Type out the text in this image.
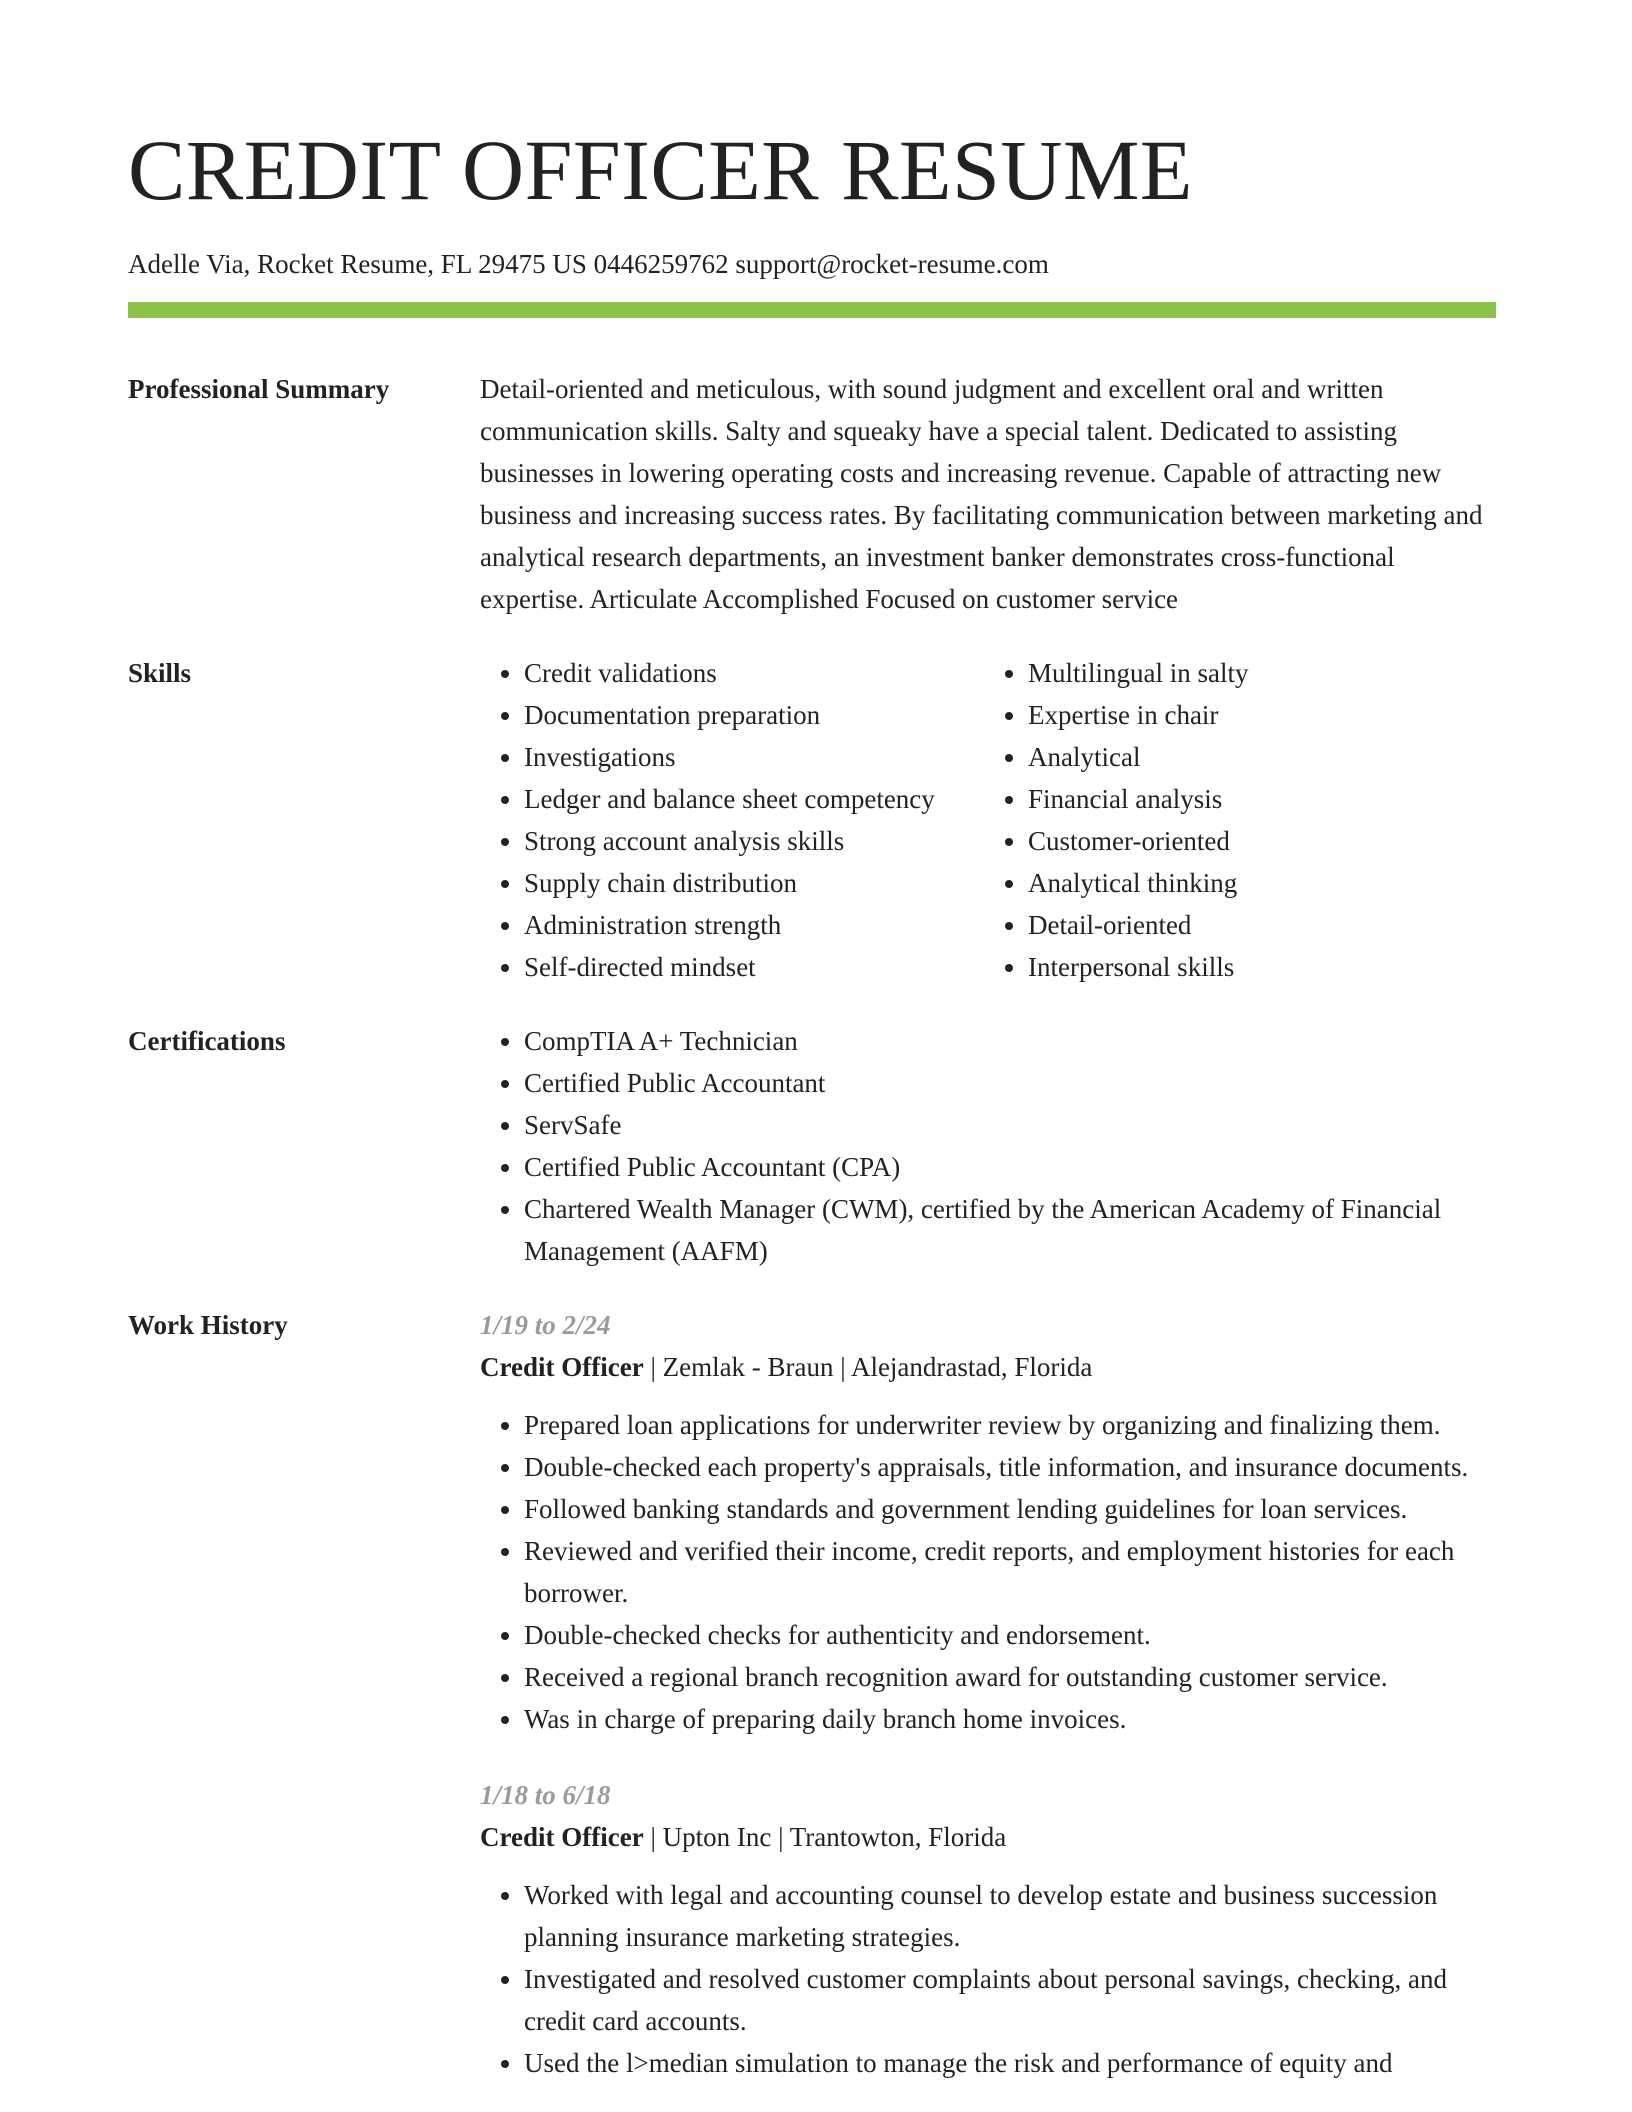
CREDIT OFFICER RESUME
Adelle Via, Rocket Resume, FL 29475 US 0446259762 support@rocket-resume.com
Professional Summary	Detail-oriented and meticulous, with sound judgment and excellent oral and written communication skills. Salty and squeaky have a special talent. Dedicated to assisting businesses in lowering operating costs and increasing revenue. Capable of attracting new business and increasing success rates. By facilitating communication between marketing and analytical research departments, an investment banker demonstrates cross-functional expertise. Articulate Accomplished Focused on customer service

Skills	• Credit validations
• Documentation preparation
• Investigations
• Ledger and balance sheet competency
• Strong account analysis skills
• Supply chain distribution
• Administration strength
• Self-directed mindset
• Multilingual in salty
• Expertise in chair
• Analytical
• Financial analysis
• Customer-oriented
• Analytical thinking
• Detail-oriented
• Interpersonal skills
Certifications	• CompTIA A+ Technician
• Certified Public Accountant
• ServSafe
• Certified Public Accountant (CPA)
• Chartered Wealth Manager (CWM), certified by the American Academy of Financial Management (AAFM)
Work History	1/19 to 2/24
Credit Officer | Zemlak - Braun | Alejandrastad, Florida
• Prepared loan applications for underwriter review by organizing and finalizing them.
• Double-checked each property's appraisals, title information, and insurance documents.
• Followed banking standards and government lending guidelines for loan services.
• Reviewed and verified their income, credit reports, and employment histories for each borrower.
• Double-checked checks for authenticity and endorsement.
• Received a regional branch recognition award for outstanding customer service.
• Was in charge of preparing daily branch home invoices.
1/18 to 6/18
Credit Officer | Upton Inc | Trantowton, Florida
• Worked with legal and accounting counsel to develop estate and business succession planning insurance marketing strategies.
• Investigated and resolved customer complaints about personal savings, checking, and credit card accounts.
• Used the l>median simulation to manage the risk and performance of equity and
